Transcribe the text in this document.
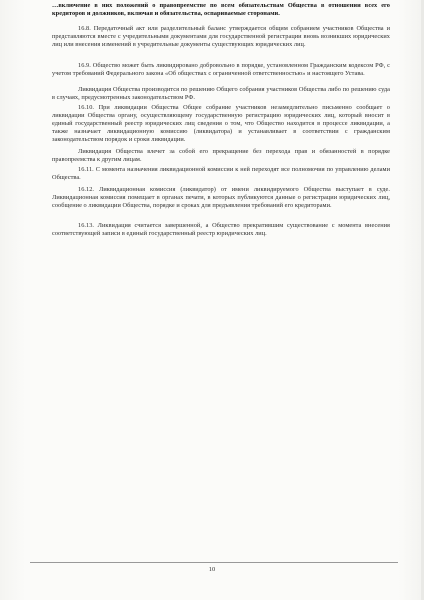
…включение в них положений о правопреемстве по всем обязательствам Общества в отношении всех его кредиторов и должников, включая и обязательства, оспариваемые сторонами.

16.8. Передаточный акт или разделительный баланс утверждается общим собранием участников Общества и представляются вместе с учредительными документами для государственной регистрации вновь возникших юридических лиц или внесения изменений в учредительные документы существующих юридических лиц.

16.9. Общество может быть ликвидировано добровольно в порядке, установленном Гражданским кодексом РФ, с учетом требований Федерального закона «Об обществах с ограниченной ответственностью» и настоящего Устава.

Ликвидация Общества производится по решению Общего собрания участников Общества либо по решению суда в случаях, предусмотренных законодательством РФ.

16.10. При ликвидации Общества Общее собрание участников незамедлительно письменно сообщает о ликвидации Общества органу, осуществляющему государственную регистрацию юридических лиц, который вносит в единый государственный реестр юридических лиц сведения о том, что Общество находится в процессе ликвидации, а также назначает ликвидационную комиссию (ликвидатора) и устанавливает в соответствии с гражданским законодательством порядок и сроки ликвидации.

Ликвидация Общества влечет за собой его прекращение без перехода прав и обязанностей в порядке правопреемства к другим лицам.

16.11. С момента назначения ликвидационной комиссии к ней переходят все полномочия по управлению делами Общества.

16.12. Ликвидационная комиссия (ликвидатор) от имени ликвидируемого Общества выступает в суде. Ликвидационная комиссия помещает в органах печати, в которых публикуются данные о регистрации юридических лиц, сообщение о ликвидации Общества, порядке и сроках для предъявления требований его кредиторами.

16.13. Ликвидация считается завершенной, а Общество прекратившим существование с момента внесения соответствующей записи в единый государственный реестр юридических лиц.

10
